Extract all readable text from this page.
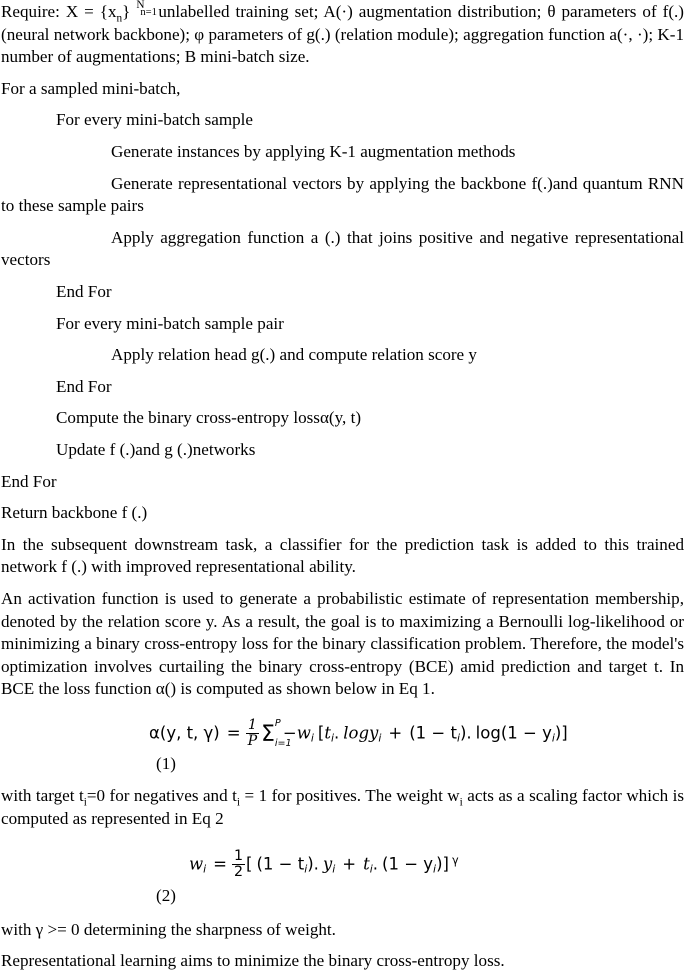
Require: $X = \{x_n\}$ N
n=1 unlabelled training set; A(·) augmentation distribution; θ parameters of f(.) (neural network backbone); φ parameters of g(.) (relation module); aggregation function a(·, ·); K-1 number of augmentations; B mini-batch size.

For a sampled mini-batch,

For every mini-batch sample

Generate instances by applying K-1 augmentation methods

Generate representational vectors by applying the backbone f(.)and quantum RNN to these sample pairs

Apply aggregation function a (.) that joins positive and negative representational vectors

End For

For every mini-batch sample pair

Apply relation head g(.) and compute relation score y

End For

Compute the binary cross-entropy lossα(y, t)

Update f (.)and g (.)networks

End For

Return backbone f (.)

In the subsequent downstream task, a classifier for the prediction task is added to this trained network f (.) with improved representational ability.

An activation function is used to generate a probabilistic estimate of representation membership, denoted by the relation score y. As a result, the goal is to maximizing a Bernoulli log-likelihood or minimizing a binary cross-entropy loss for the binary classification problem. Therefore, the model's optimization involves curtailing the binary cross-entropy (BCE) amid prediction and target t. In BCE the loss function α() is computed as shown below in Eq 1.

α(y, t, $\gamma) = \frac{1}{P}$ Σ P
i=1
−wi [ti. logyi + (1 − ti). log(1 − yi)]
(1)

with target $t_i=0$ for negatives and $t_i = 1$ for positives. The weight $w_i$ acts as a scaling factor which is computed as represented in Eq 2

wi = $\frac{1}{2}$ [ (1 − ti). yi + ti. (1 − yi)] $^\gamma$
(2)

with γ >= 0 determining the sharpness of weight.

Representational learning aims to minimize the binary cross-entropy loss.
